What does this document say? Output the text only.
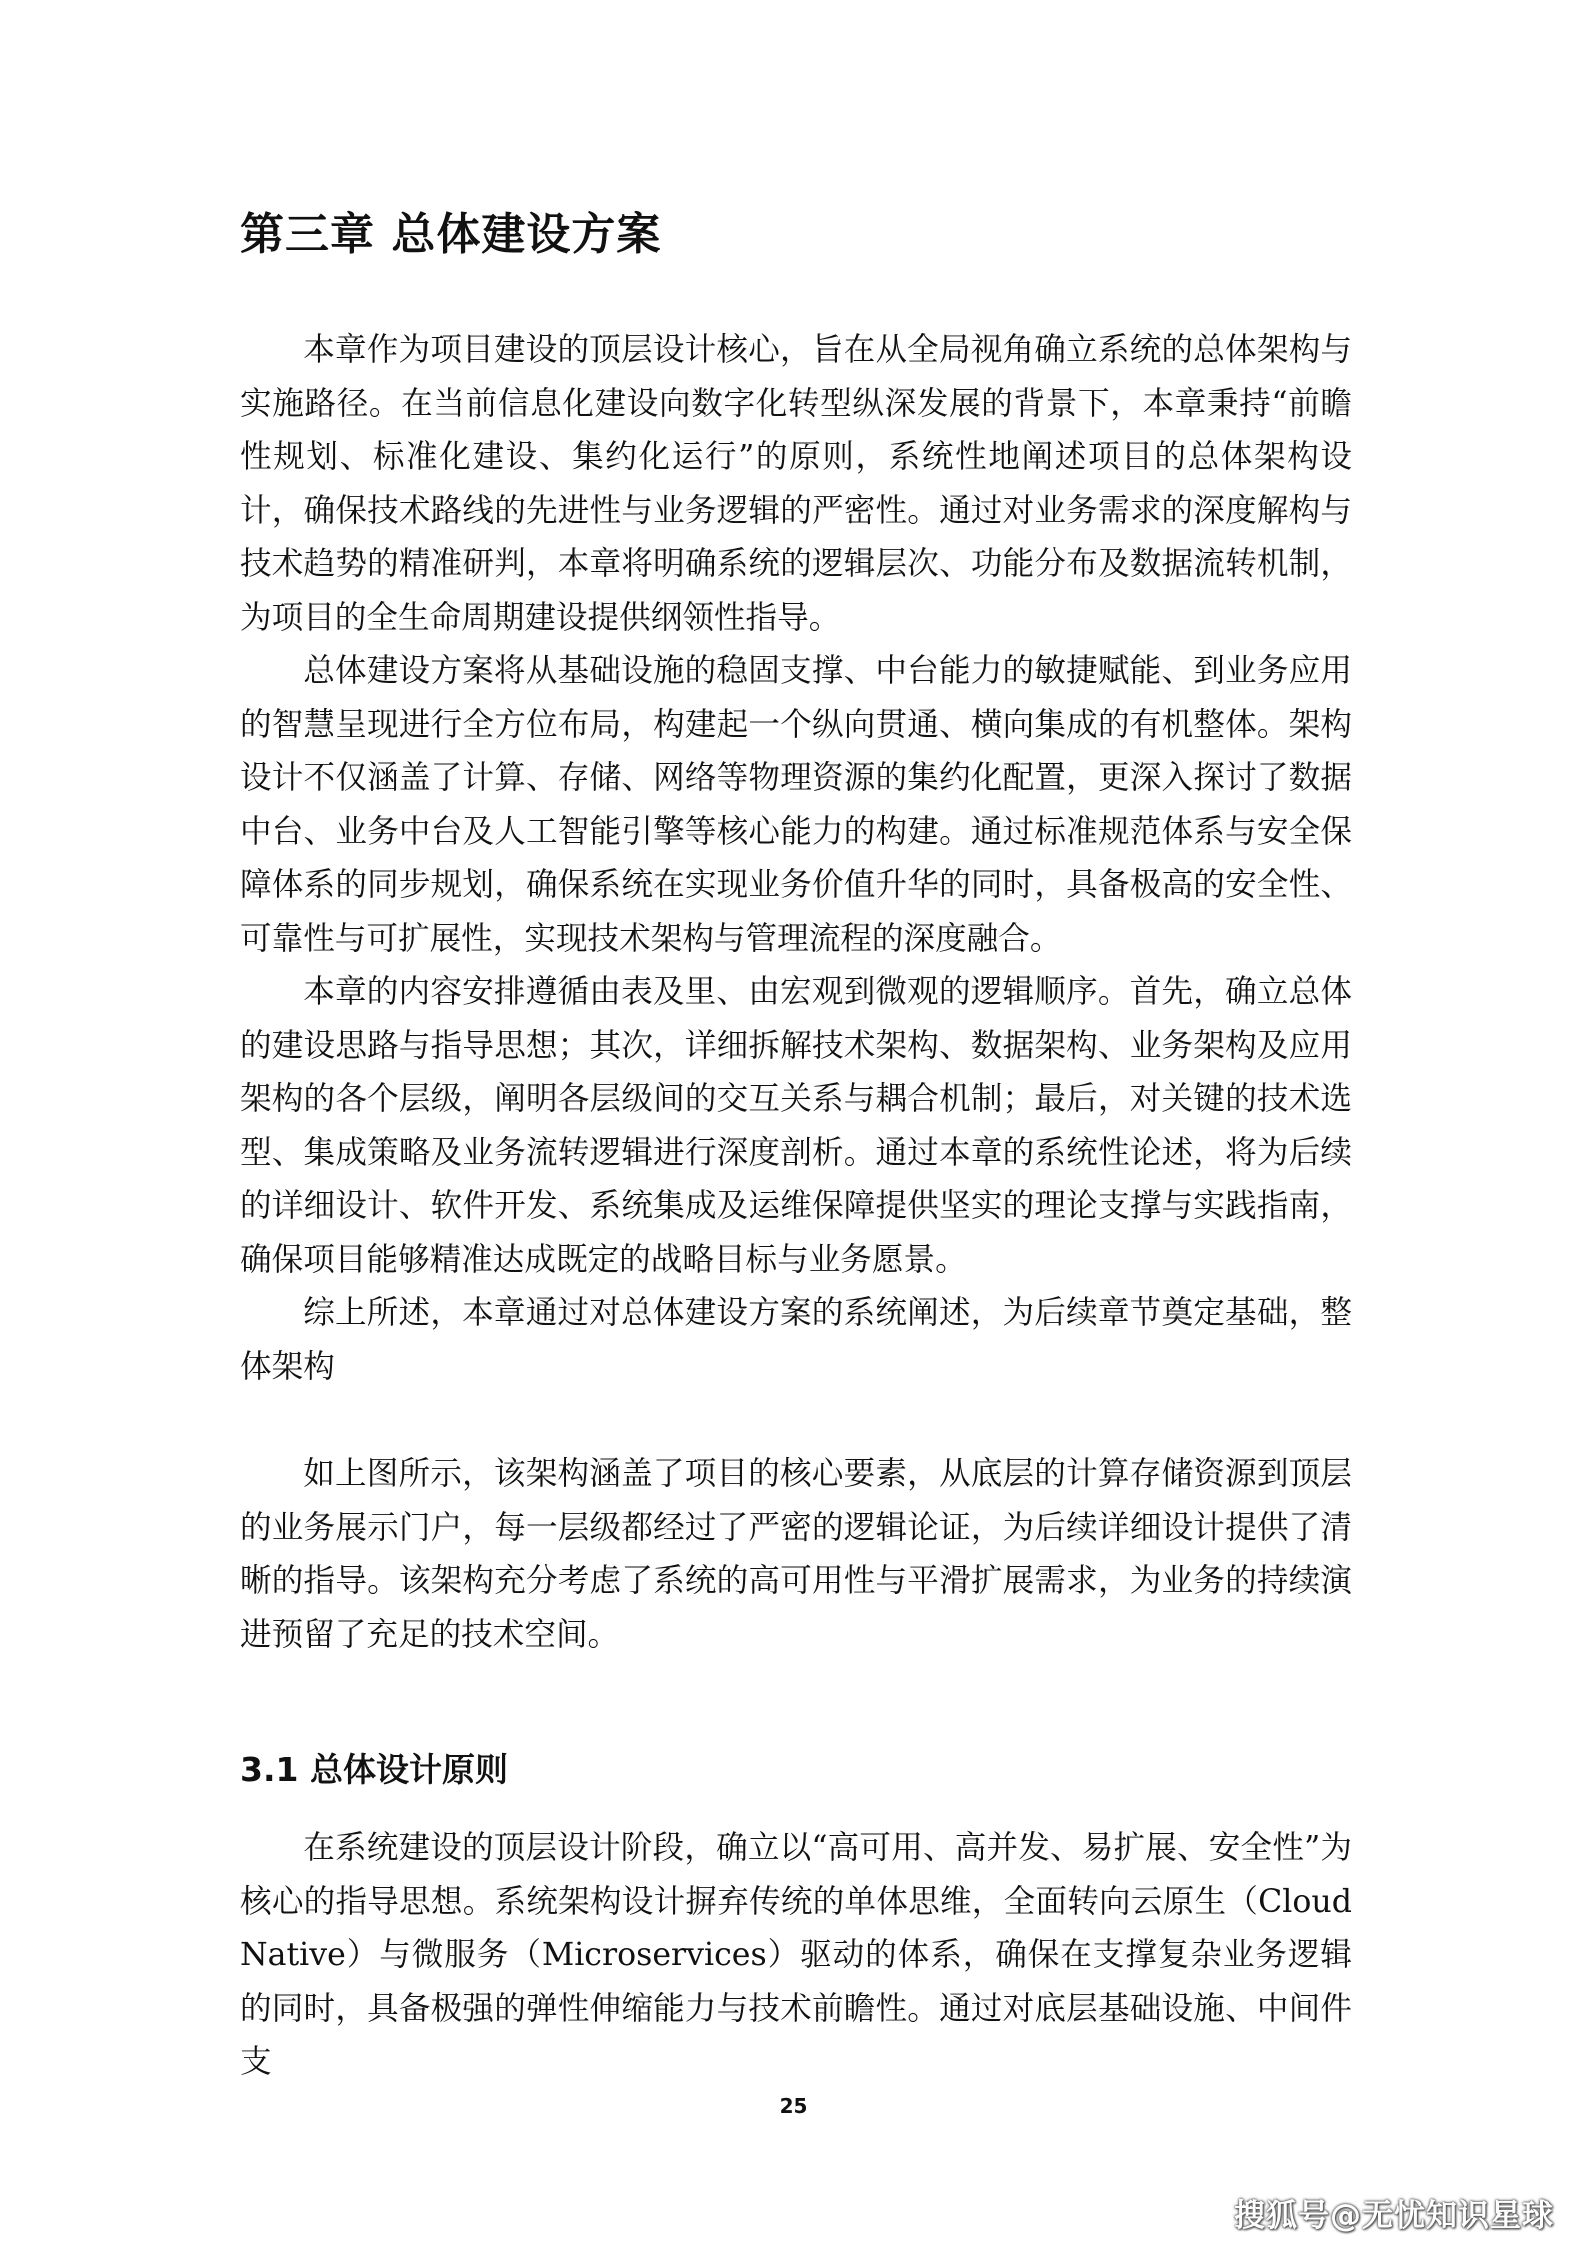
第三章 总体建设方案

本章作为项目建设的顶层设计核心，旨在从全局视角确立系统的总体架构与实施路径。在当前信息化建设向数字化转型纵深发展的背景下，本章秉持“前瞻性规划、标准化建设、集约化运行”的原则，系统性地阐述项目的总体架构设计，确保技术路线的先进性与业务逻辑的严密性。通过对业务需求的深度解构与技术趋势的精准研判，本章将明确系统的逻辑层次、功能分布及数据流转机制，为项目的全生命周期建设提供纲领性指导。

总体建设方案将从基础设施的稳固支撑、中台能力的敏捷赋能、到业务应用的智慧呈现进行全方位布局，构建起一个纵向贯通、横向集成的有机整体。架构设计不仅涵盖了计算、存储、网络等物理资源的集约化配置，更深入探讨了数据中台、业务中台及人工智能引擎等核心能力的构建。通过标准规范体系与安全保障体系的同步规划，确保系统在实现业务价值升华的同时，具备极高的安全性、可靠性与可扩展性，实现技术架构与管理流程的深度融合。

本章的内容安排遵循由表及里、由宏观到微观的逻辑顺序。首先，确立总体的建设思路与指导思想；其次，详细拆解技术架构、数据架构、业务架构及应用架构的各个层级，阐明各层级间的交互关系与耦合机制；最后，对关键的技术选型、集成策略及业务流转逻辑进行深度剖析。通过本章的系统性论述，将为后续的详细设计、软件开发、系统集成及运维保障提供坚实的理论支撑与实践指南，确保项目能够精准达成既定的战略目标与业务愿景。

综上所述，本章通过对总体建设方案的系统阐述，为后续章节奠定基础，整体架构

如上图所示，该架构涵盖了项目的核心要素，从底层的计算存储资源到顶层的业务展示门户，每一层级都经过了严密的逻辑论证，为后续详细设计提供了清晰的指导。该架构充分考虑了系统的高可用性与平滑扩展需求，为业务的持续演进预留了充足的技术空间。

3.1 总体设计原则

在系统建设的顶层设计阶段，确立以“高可用、高并发、易扩展、安全性”为核心的指导思想。系统架构设计摒弃传统的单体思维，全面转向云原生（Cloud Native）与微服务（Microservices）驱动的体系，确保在支撑复杂业务逻辑的同时，具备极强的弹性伸缩能力与技术前瞻性。通过对底层基础设施、中间件支

25
搜狐号@无忧知识星球
